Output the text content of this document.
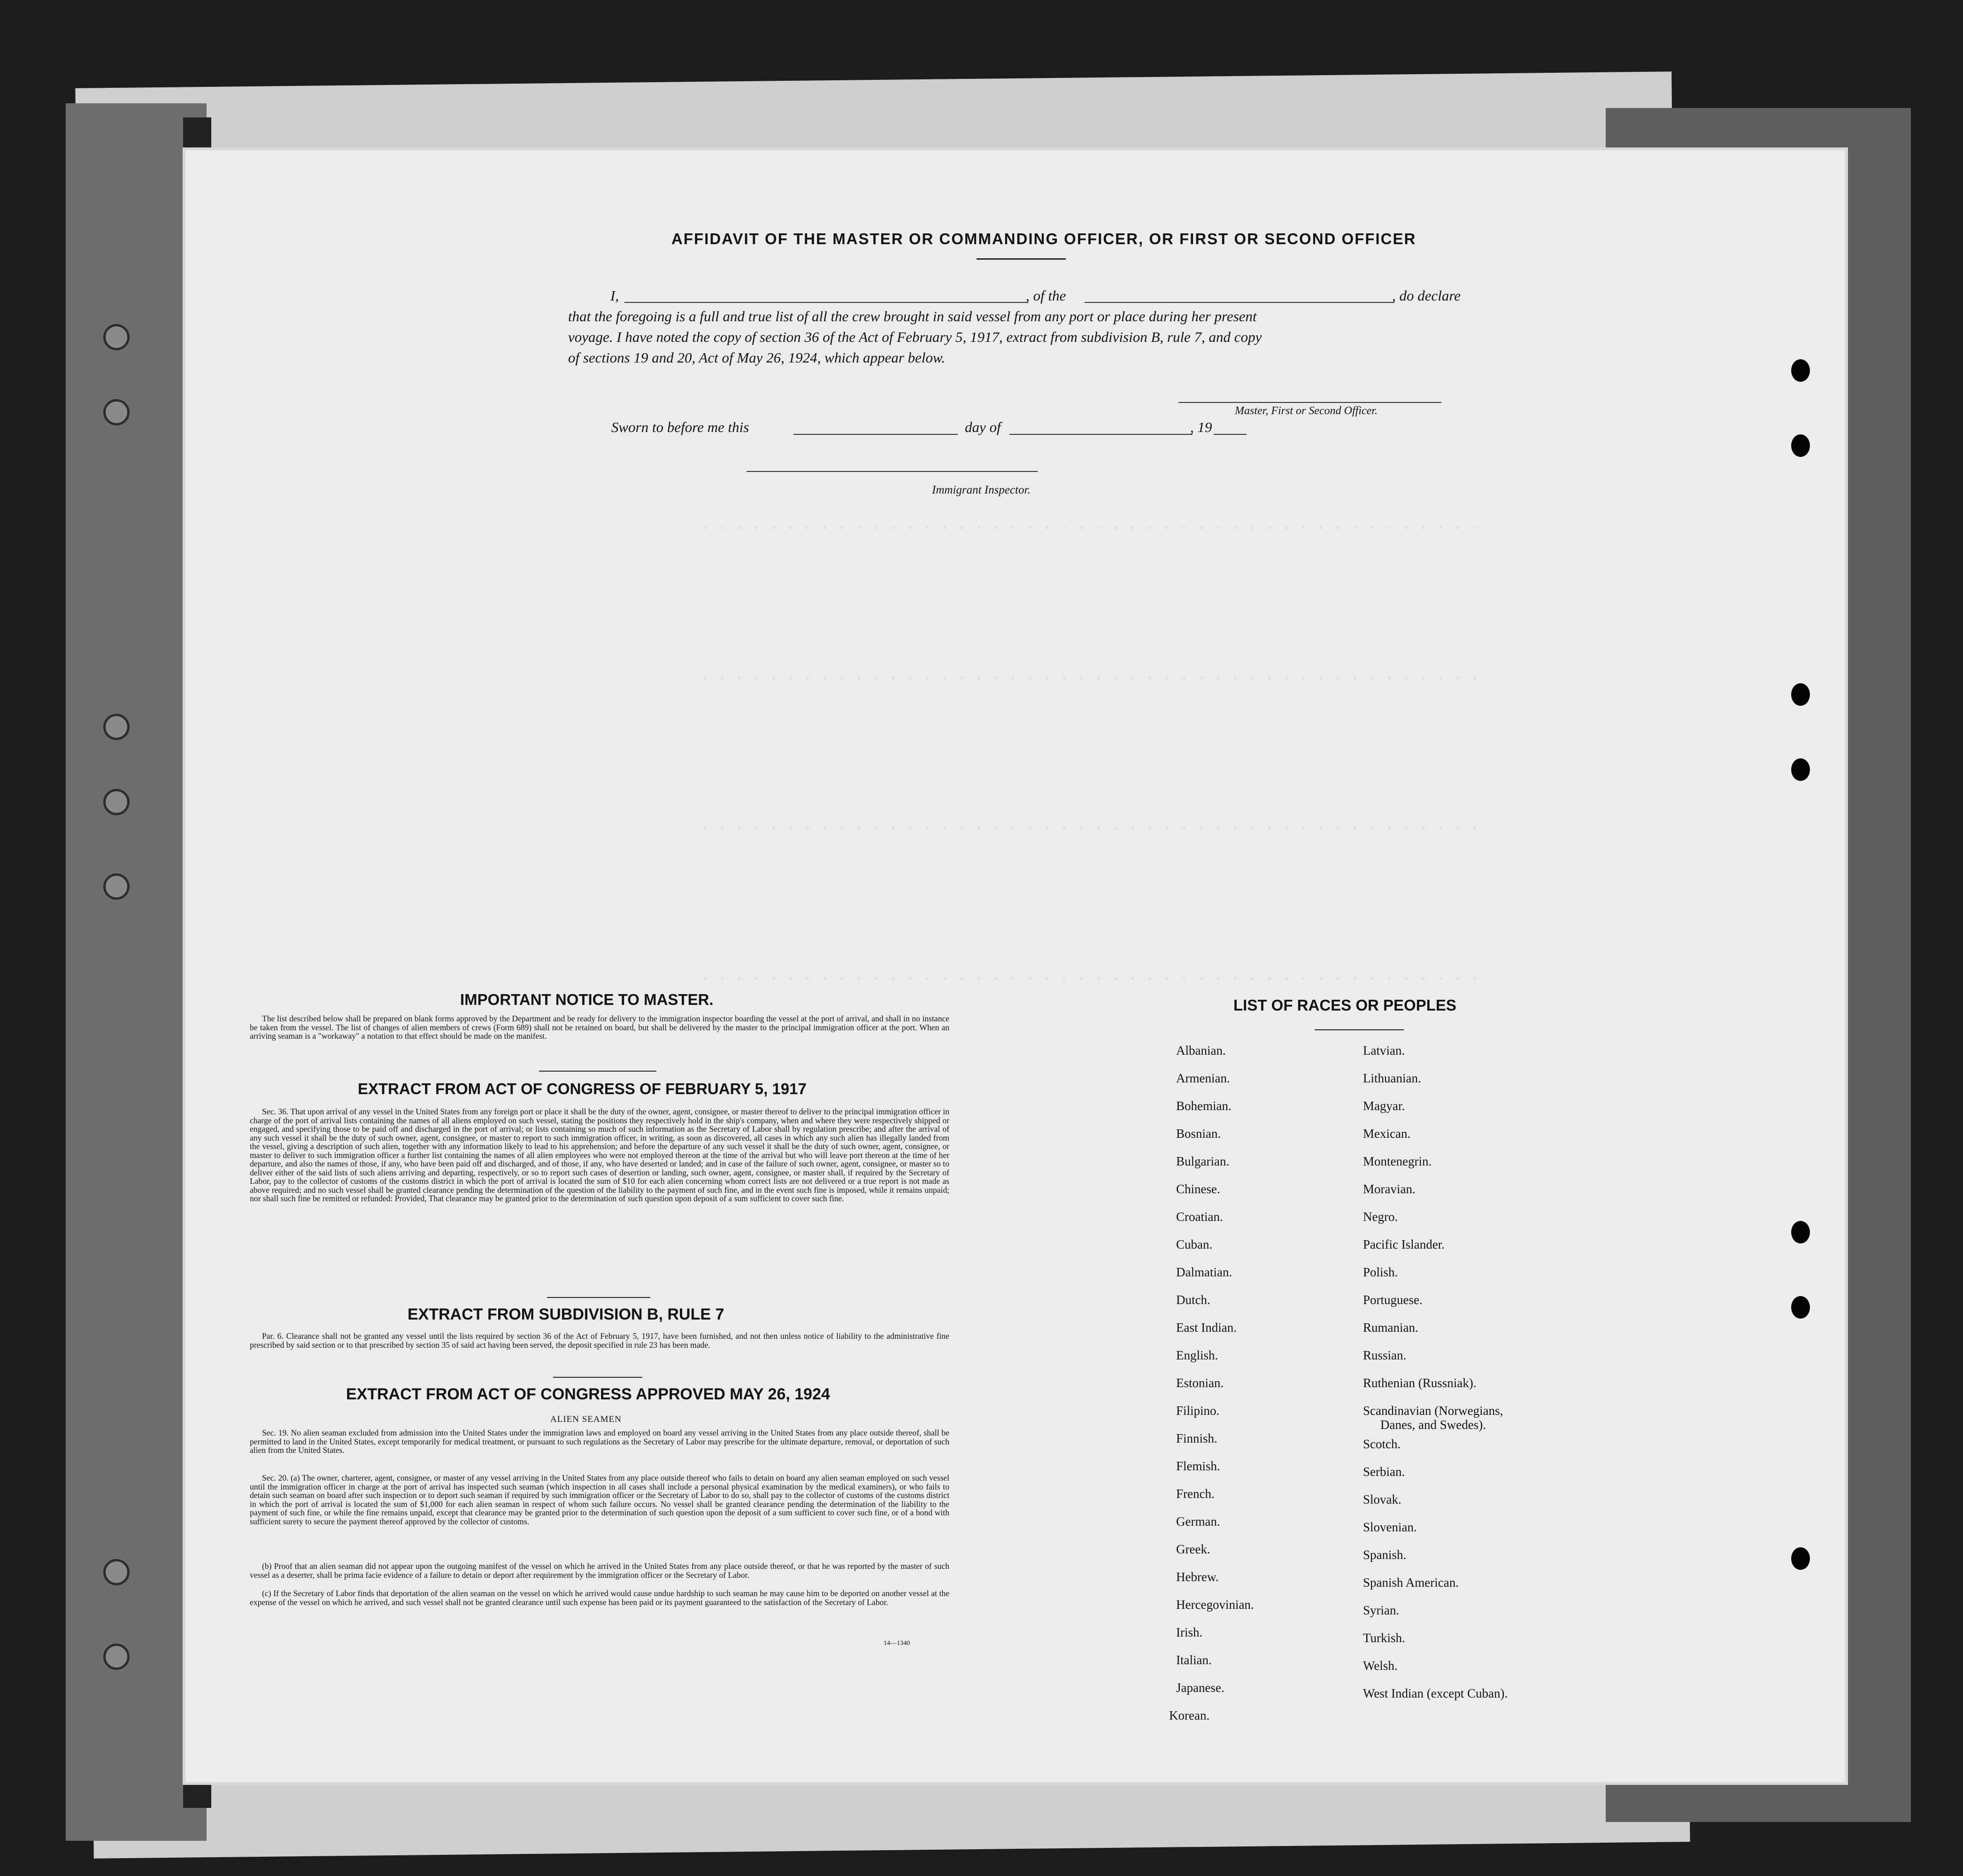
· · · · · · · · · · · · · · · · · · · · · · · · · · · · · · · · · · · · · · · · · · · · · ·
· · · · · · · · · · · · · · · · · · · · · · · · · · · · · · · · · · · · · · · · · · · · · ·
· · · · · · · · · · · · · · · · · · · · · · · · · · · · · · · · · · · · · · · · · · · · · ·
· · · · · · · · · · · · · · · · · · · · · · · · · · · · · · · · · · · · · · · · · · · · · ·
AFFIDAVIT OF THE MASTER OR COMMANDING OFFICER, OR FIRST OR SECOND OFFICER
I,	, of the	, do declare
that the foregoing is a full and true list of all the crew brought in said vessel from any port or place during her present
voyage. I have noted the copy of section 36 of the Act of February 5, 1917, extract from subdivision B, rule 7, and copy
of sections 19 and 20, Act of May 26, 1924, which appear below.
Master, First or Second Officer.
Sworn to before me this	day of	, 19
Immigrant Inspector.
IMPORTANT NOTICE TO MASTER.
The list described below shall be prepared on blank forms approved by the Department and be ready for delivery to the immigration inspector boarding the vessel at the port of arrival, and shall in no instance be taken from the vessel. The list of changes of alien members of crews (Form 689) shall not be retained on board, but shall be delivered by the master to the principal immigration officer at the port. When an arriving seaman is a "workaway" a notation to that effect should be made on the manifest.
EXTRACT FROM ACT OF CONGRESS OF FEBRUARY 5, 1917
Sec. 36. That upon arrival of any vessel in the United States from any foreign port or place it shall be the duty of the owner, agent, consignee, or master thereof to deliver to the principal immigration officer in charge of the port of arrival lists containing the names of all aliens employed on such vessel, stating the positions they respectively hold in the ship's company, when and where they were respectively shipped or engaged, and specifying those to be paid off and discharged in the port of arrival; or lists containing so much of such information as the Secretary of Labor shall by regulation prescribe; and after the arrival of any such vessel it shall be the duty of such owner, agent, consignee, or master to report to such immigration officer, in writing, as soon as discovered, all cases in which any such alien has illegally landed from the vessel, giving a description of such alien, together with any information likely to lead to his apprehension; and before the departure of any such vessel it shall be the duty of such owner, agent, consignee, or master to deliver to such immigration officer a further list containing the names of all alien employees who were not employed thereon at the time of the arrival but who will leave port thereon at the time of her departure, and also the names of those, if any, who have been paid off and discharged, and of those, if any, who have deserted or landed; and in case of the failure of such owner, agent, consignee, or master so to deliver either of the said lists of such aliens arriving and departing, respectively, or so to report such cases of desertion or landing, such owner, agent, consignee, or master shall, if required by the Secretary of Labor, pay to the collector of customs of the customs district in which the port of arrival is located the sum of $10 for each alien concerning whom correct lists are not delivered or a true report is not made as above required; and no such vessel shall be granted clearance pending the determination of the question of the liability to the payment of such fine, and in the event such fine is imposed, while it remains unpaid; nor shall such fine be remitted or refunded: Provided, That clearance may be granted prior to the determination of such question upon deposit of a sum sufficient to cover such fine.
EXTRACT FROM SUBDIVISION B, RULE 7
Par. 6. Clearance shall not be granted any vessel until the lists required by section 36 of the Act of February 5, 1917, have been furnished, and not then unless notice of liability to the administrative fine prescribed by said section or to that prescribed by section 35 of said act having been served, the deposit specified in rule 23 has been made.
EXTRACT FROM ACT OF CONGRESS APPROVED MAY 26, 1924
ALIEN SEAMEN
Sec. 19. No alien seaman excluded from admission into the United States under the immigration laws and employed on board any vessel arriving in the United States from any place outside thereof, shall be permitted to land in the United States, except temporarily for medical treatment, or pursuant to such regulations as the Secretary of Labor may prescribe for the ultimate departure, removal, or deportation of such alien from the United States.
Sec. 20. (a) The owner, charterer, agent, consignee, or master of any vessel arriving in the United States from any place outside thereof who fails to detain on board any alien seaman employed on such vessel until the immigration officer in charge at the port of arrival has inspected such seaman (which inspection in all cases shall include a personal physical examination by the medical examiners), or who fails to detain such seaman on board after such inspection or to deport such seaman if required by such immigration officer or the Secretary of Labor to do so, shall pay to the collector of customs of the customs district in which the port of arrival is located the sum of $1,000 for each alien seaman in respect of whom such failure occurs. No vessel shall be granted clearance pending the determination of the liability to the payment of such fine, or while the fine remains unpaid, except that clearance may be granted prior to the determination of such question upon the deposit of a sum sufficient to cover such fine, or of a bond with sufficient surety to secure the payment thereof approved by the collector of customs.
(b) Proof that an alien seaman did not appear upon the outgoing manifest of the vessel on which he arrived in the United States from any place outside thereof, or that he was reported by the master of such vessel as a deserter, shall be prima facie evidence of a failure to detain or deport after requirement by the immigration officer or the Secretary of Labor.
(c) If the Secretary of Labor finds that deportation of the alien seaman on the vessel on which he arrived would cause undue hardship to such seaman he may cause him to be deported on another vessel at the expense of the vessel on which he arrived, and such vessel shall not be granted clearance until such expense has been paid or its payment guaranteed to the satisfaction of the Secretary of Labor.
14—1340
LIST OF RACES OR PEOPLES
Albanian.
Armenian.
Bohemian.
Bosnian.
Bulgarian.
Chinese.
Croatian.
Cuban.
Dalmatian.
Dutch.
East Indian.
English.
Estonian.
Filipino.
Finnish.
Flemish.
French.
German.
Greek.
Hebrew.
Hercegovinian.
Irish.
Italian.
Japanese.
Korean.
Latvian.
Lithuanian.
Magyar.
Mexican.
Montenegrin.
Moravian.
Negro.
Pacific Islander.
Polish.
Portuguese.
Rumanian.
Russian.
Ruthenian (Russniak).
Scandinavian (Norwegians,
Danes, and Swedes).
Scotch.
Serbian.
Slovak.
Slovenian.
Spanish.
Spanish American.
Syrian.
Turkish.
Welsh.
West Indian (except Cuban).
